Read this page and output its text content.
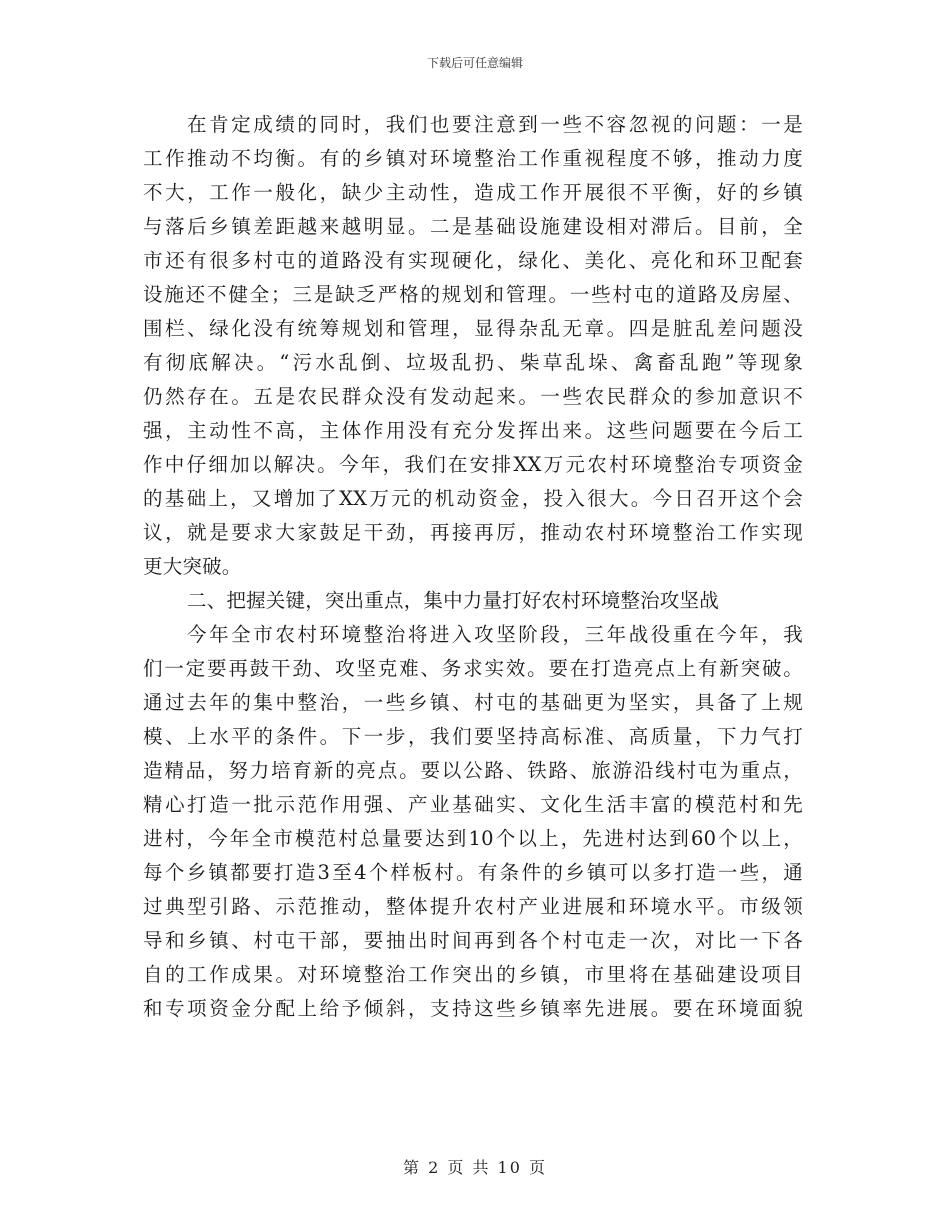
下载后可任意编辑
在肯定成绩的同时，我们也要注意到一些不容忽视的问题：一是
工作推动不均衡。有的乡镇对环境整治工作重视程度不够，推动力度
不大，工作一般化，缺少主动性，造成工作开展很不平衡，好的乡镇
与落后乡镇差距越来越明显。二是基础设施建设相对滞后。目前，全
市还有很多村屯的道路没有实现硬化，绿化、美化、亮化和环卫配套
设施还不健全；三是缺乏严格的规划和管理。一些村屯的道路及房屋、
围栏、绿化没有统筹规划和管理，显得杂乱无章。四是脏乱差问题没
有彻底解决。“污水乱倒、垃圾乱扔、柴草乱垛、禽畜乱跑”等现象
仍然存在。五是农民群众没有发动起来。一些农民群众的参加意识不
强，主动性不高，主体作用没有充分发挥出来。这些问题要在今后工
作中仔细加以解决。今年，我们在安排XX万元农村环境整治专项资金
的基础上，又增加了XX万元的机动资金，投入很大。今日召开这个会
议，就是要求大家鼓足干劲，再接再厉，推动农村环境整治工作实现
更大突破。
二、把握关键，突出重点，集中力量打好农村环境整治攻坚战
今年全市农村环境整治将进入攻坚阶段，三年战役重在今年，我
们一定要再鼓干劲、攻坚克难、务求实效。要在打造亮点上有新突破。
通过去年的集中整治，一些乡镇、村屯的基础更为坚实，具备了上规
模、上水平的条件。下一步，我们要坚持高标准、高质量，下力气打
造精品，努力培育新的亮点。要以公路、铁路、旅游沿线村屯为重点，
精心打造一批示范作用强、产业基础实、文化生活丰富的模范村和先
进村，今年全市模范村总量要达到10个以上，先进村达到60个以上，
每个乡镇都要打造3至4个样板村。有条件的乡镇可以多打造一些，通
过典型引路、示范推动，整体提升农村产业进展和环境水平。市级领
导和乡镇、村屯干部，要抽出时间再到各个村屯走一次，对比一下各
自的工作成果。对环境整治工作突出的乡镇，市里将在基础建设项目
和专项资金分配上给予倾斜，支持这些乡镇率先进展。要在环境面貌
第 2 页 共 10 页
